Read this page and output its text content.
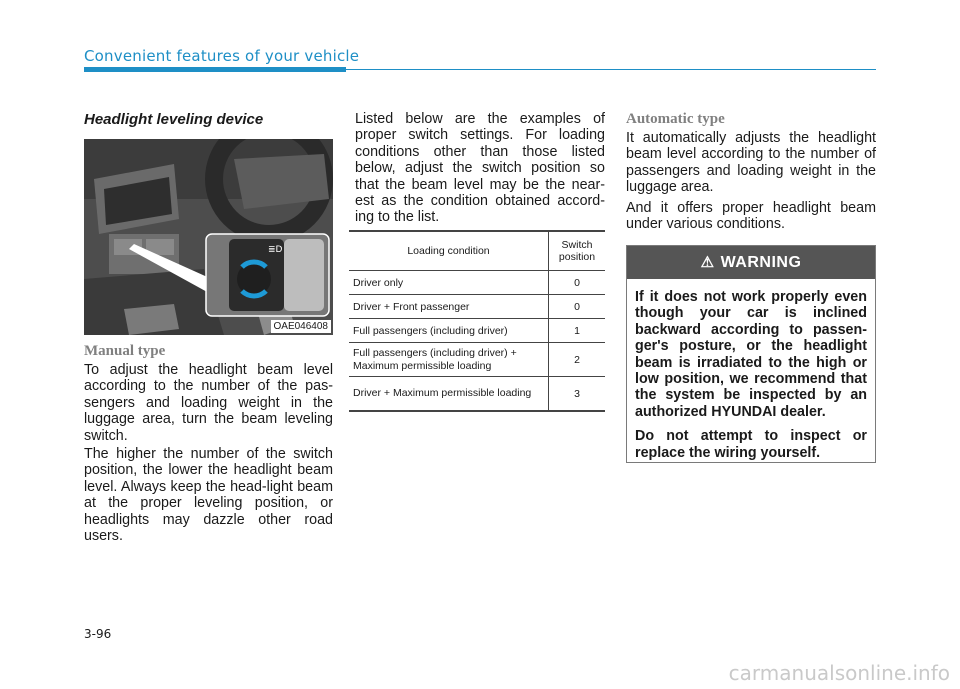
Convenient features of your vehicle
Headlight leveling device
≣D
OAE046408
Manual type

To adjust the headlight beam level according to the number of the pas-sengers and loading weight in the luggage area, turn the beam leveling switch.

The higher the number of the switch position, the lower the headlight beam level. Always keep the head-light beam at the proper leveling position, or headlights may dazzle other road users.

Listed below are the examples of proper switch settings. For loading conditions other than those listed below, adjust the switch position so that the beam level may be the near-est as the condition obtained accord-ing to the list.

Loading condition	Switch position
Driver only	0
Driver + Front passenger	0
Full passengers (including driver)	1
Full passengers (including driver) + Maximum permissible loading	2
Driver + Maximum permissible loading	3
Automatic type

It automatically adjusts the headlight beam level according to the number of passengers and loading weight in the luggage area.

And it offers proper headlight beam under various conditions.

⚠ WARNING

If it does not work properly even though your car is inclined backward according to passen-ger's posture, or the headlight beam is irradiated to the high or low position, we recommend that the system be inspected by an authorized HYUNDAI dealer.

Do not attempt to inspect or replace the wiring yourself.

3-96
carmanualsonline.info
